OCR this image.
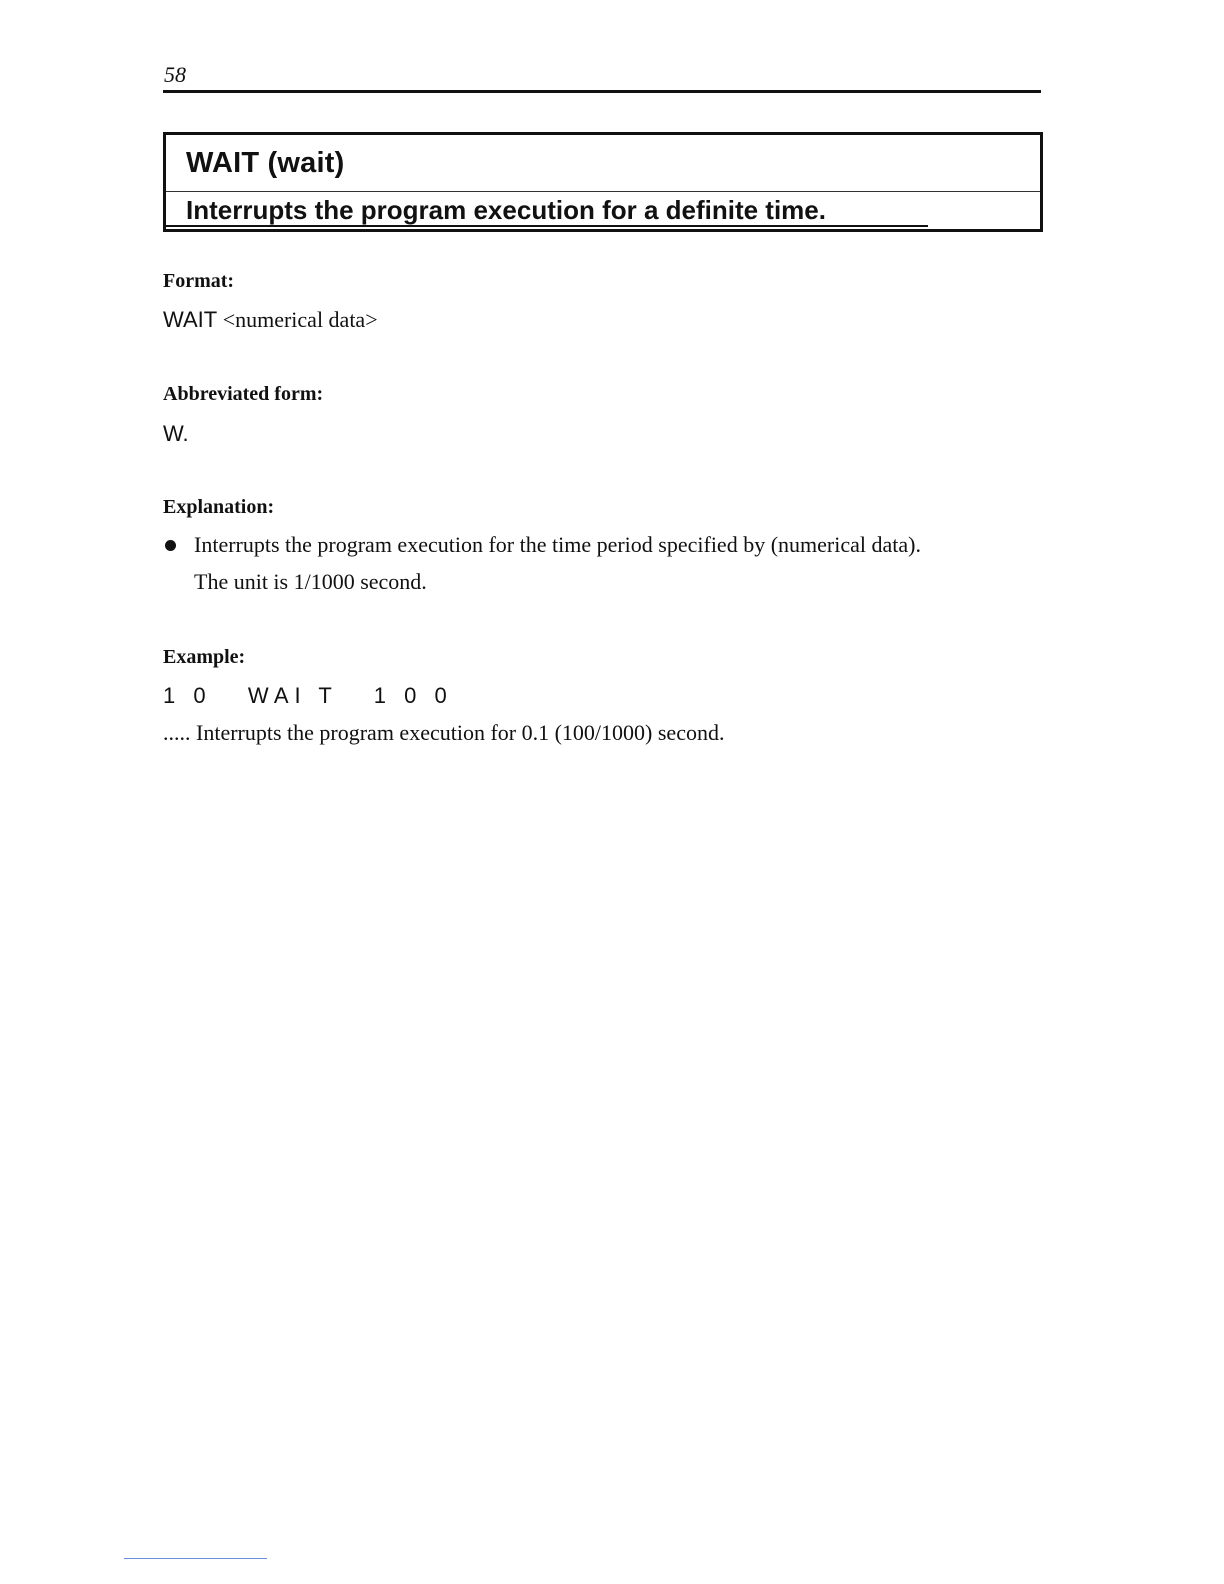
58
WAIT (wait)
Interrupts the program execution for a definite time.
Format:
WAIT <numerical data>
Abbreviated form:
W.
Explanation:
Interrupts the program execution for the time period specified by (numerical data).
The unit is 1/1000 second.
Example:
1 0   WAI T   1 0 0
..... Interrupts the program execution for 0.1 (100/1000) second.
